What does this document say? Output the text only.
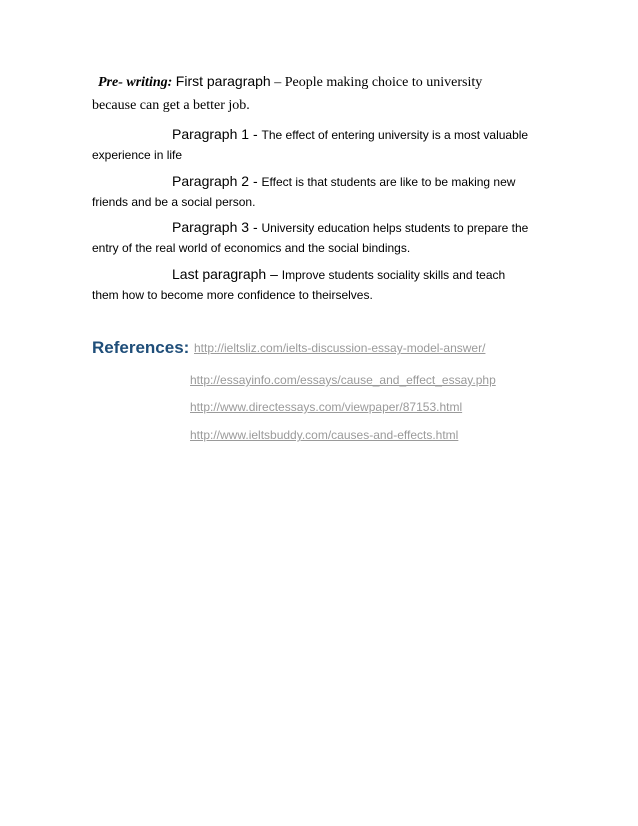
Pre- writing: First paragraph – People making choice to university
because can get a better job.
Paragraph 1 - The effect of entering university is a most valuable
experience in life
Paragraph 2 - Effect is that students are like to be making new
friends and be a social person.
Paragraph 3 - University education helps students to prepare the
entry of the real world of economics and the social bindings.
Last paragraph – Improve students sociality skills and teach
them how to become more confidence to theirselves.
References: http://ieltsliz.com/ielts-discussion-essay-model-answer/
http://essayinfo.com/essays/cause_and_effect_essay.php
http://www.directessays.com/viewpaper/87153.html
http://www.ieltsbuddy.com/causes-and-effects.html
